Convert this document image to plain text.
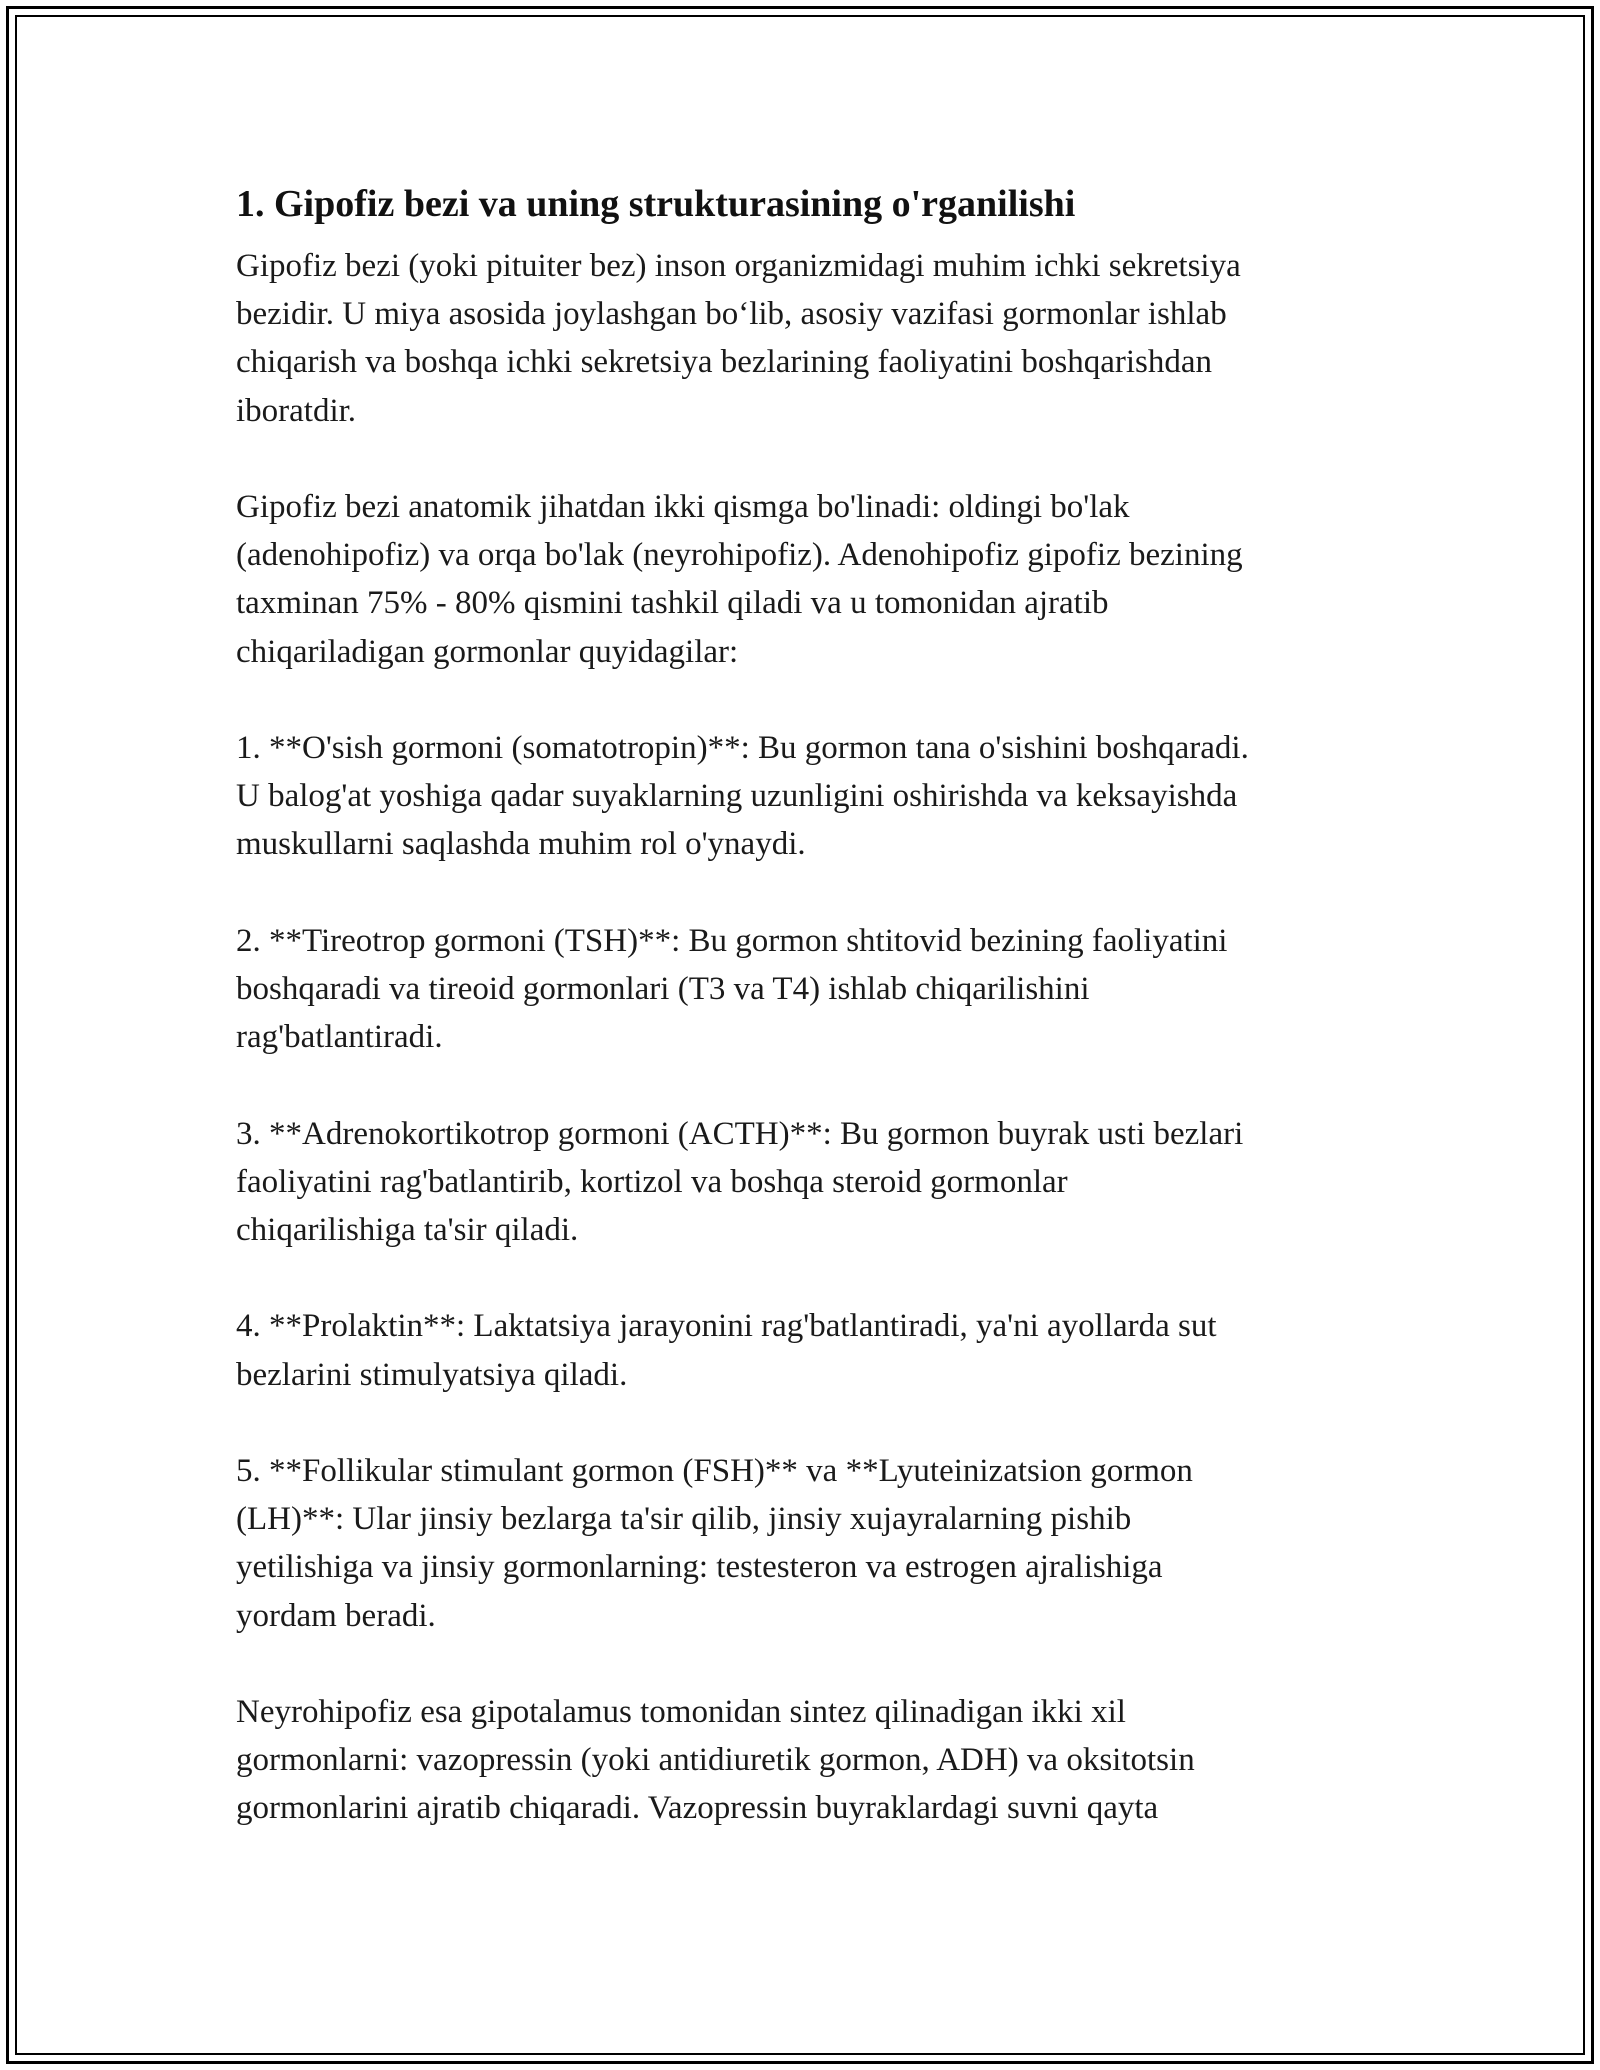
1. Gipofiz bezi va uning strukturasining o'rganilishi

Gipofiz bezi (yoki pituiter bez) inson organizmidagi muhim ichki sekretsiya
bezidir. U miya asosida joylashgan bo‘lib, asosiy vazifasi gormonlar ishlab
chiqarish va boshqa ichki sekretsiya bezlarining faoliyatini boshqarishdan
iboratdir.

Gipofiz bezi anatomik jihatdan ikki qismga bo'linadi: oldingi bo'lak
(adenohipofiz) va orqa bo'lak (neyrohipofiz). Adenohipofiz gipofiz bezining
taxminan 75% - 80% qismini tashkil qiladi va u tomonidan ajratib
chiqariladigan gormonlar quyidagilar:

1. **O'sish gormoni (somatotropin)**: Bu gormon tana o'sishini boshqaradi.
U balog'at yoshiga qadar suyaklarning uzunligini oshirishda va keksayishda
muskullarni saqlashda muhim rol o'ynaydi.

2. **Tireotrop gormoni (TSH)**: Bu gormon shtitovid bezining faoliyatini
boshqaradi va tireoid gormonlari (T3 va T4) ishlab chiqarilishini
rag'batlantiradi.

3. **Adrenokortikotrop gormoni (ACTH)**: Bu gormon buyrak usti bezlari
faoliyatini rag'batlantirib, kortizol va boshqa steroid gormonlar
chiqarilishiga ta'sir qiladi.

4. **Prolaktin**: Laktatsiya jarayonini rag'batlantiradi, ya'ni ayollarda sut
bezlarini stimulyatsiya qiladi.

5. **Follikular stimulant gormon (FSH)** va **Lyuteinizatsion gormon
(LH)**: Ular jinsiy bezlarga ta'sir qilib, jinsiy xujayralarning pishib
yetilishiga va jinsiy gormonlarning: testesteron va estrogen ajralishiga
yordam beradi.

Neyrohipofiz esa gipotalamus tomonidan sintez qilinadigan ikki xil
gormonlarni: vazopressin (yoki antidiuretik gormon, ADH) va oksitotsin
gormonlarini ajratib chiqaradi. Vazopressin buyraklardagi suvni qayta
